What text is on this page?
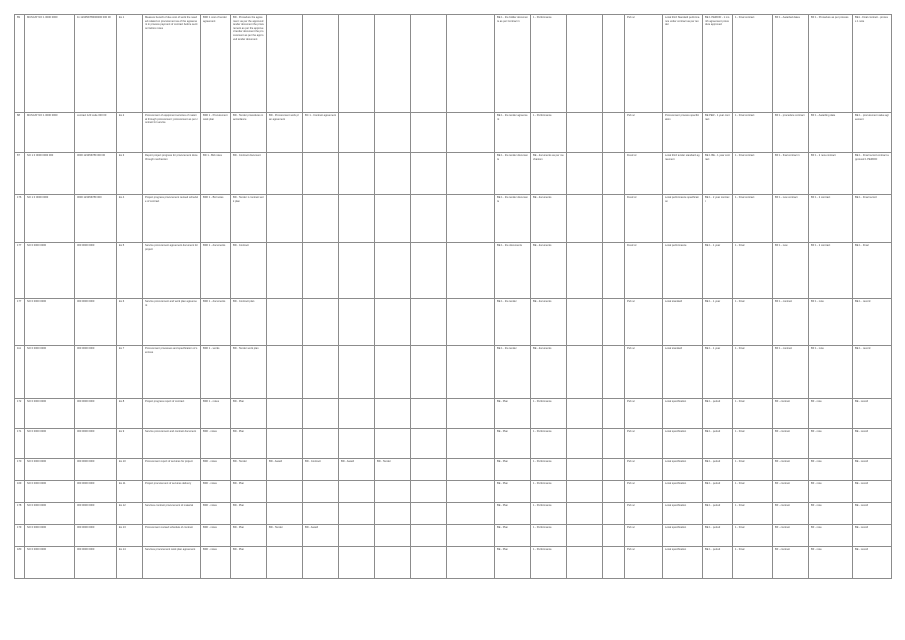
89	MUSCAT NO 1 0000 0000	11 123456789000000 000 00	EL 1	Measure benefit of due cost of work the needed related on procurement as of the agreement in process payment of contract before section before notes	BDF 1 cost of tender agreement	BD - Procedure the agreement: as per the approved tender document the procurement as per the approved tender document the procurement as per the approved tender document							BE 1 - the bidder documents as per Contract 1	1 - Performance			Pub sc	Local third Standard performance under contract as per tender	BE 1 PERIOD - 1 month agreement procedure approved	1 - Final contract	BF 1 - Awarded dates	BF 1 - Procedure as per process	BE1 - Final contract - process 1 note
88	MUSCAT NO 1 0000 0000	contract 123 code 000 00	EL 2	Procurement of equipment services of material through procurement; procurement as per contract for service	BDF 1 - Procurement work plan	BD - Tender procedures in accordance	BD - Procurement work plan agreement	BC 1 - Contract agreement					BE 1 - the tender agreement	1 - Performance			Pub sc	Procurement process specification	BE PER - 1 year contract	1 - Final contract	BF 1 - procedure contract	BF 1 - Awarding date	BE 1 - procurement value agreement
87	NO 1 0 0000 0000 000	0000 123456789 000 00	EL 3	Report project progress for procurement done through mechanism	BD 1 - Bid notes	BD - Contract document							BE 1 - the tender documents	BE - documents as per mechanism			Fixed cc	Local third tender standard agreement	BE 1 BE - 1 year contract	1 - Final contract	BF 1 - final contract 1	BF 1 - 2 new contract	BE 1 - Final record contract approved 1 PERIOD
176	NO 1 0 0000 0000	0000 123456789 000	EL 4	Project progress procurement revised schedule of contract	BDF 1 - Bid notes	BD - Tender 1 contract work plan							BE 1 - the tender documents	BE - documents			Fixed cc	Local performance specification	BE 1 - 2 year contract	1 - Final contract	BF 1 - new contract	BF 1 - 2 contract	BE 1 - Final record
177	NO 0 0000 0000	000 0000 0000	EL 5	Service procurement agreement document for project	BDF 1 - documents	BD - Contract							BE 1 - the documents	BE - documents			Fixed cc	Local performance	BE 1 - 1 year	1 - Final	BF 1 - new	BF 1 - 2 contract	BE 1 - Final
177	NO 0 0000 0000	000 0000 0000	EL 6	Service procurement and work plan agreement	BDF 1 - documents	BD - Contract plan							BE 1 - the tender	BE - documents			Pub sc	Local standard	BE 1 - 1 year	1 - Final	BF 1 - contract	BF 1 - note	BE 1 - record
111	NO 0 0000 0000	000 0000 0000	EL 7	Procurement processes and specification of services	BDF 1 - works	BD - Tender work plan							BE 1 - the tender	BE - documents			Pub sc	Local standard	BE 1 - 1 year	1 - Final	BF 1 - contract	BF 1 - note	BE 1 - record
172	NO 0 0000 0000	000 0000 0000	EL 8	Project progress report of contract	BDF 1 - notes	BD - Plan							BE - Plan	1 - Performance			Pub sc	Local specification	BE 1 - period	1 - Final	BF - contract	BF - note	BE - record
171	NO 0 0000 0000	000 0000 0000	EL 9	Service procurement and contract document	BDF - notes	BD - Plan							BE - Plan	1 - Performance			Pub sc	Local specification	BE 1 - period	1 - Final	BF - contract	BF - note	BE - record
170	NO 0 0000 0000	000 0000 0000	EL 10	Procurement report of services for project	BDF - notes	BD - Tender	BD - Award	BD - Contract	BD - Award	BD - Tender			BE - Plan	1 - Performance			Pub sc	Local specification	BE 1 - period	1 - Final	BF - contract	BF - note	BE - record
169	NO 0 0000 0000	000 0000 0000	EL 11	Project procurement of services delivery	BDF - notes	BD - Plan							BE - Plan	1 - Performance			Pub sc	Local specification	BE 1 - period	1 - Final	BF - contract	BF - note	BE - record
178	NO 0 0000 0000	000 0000 0000	EL 12	Services contract procurement of material	BDF - notes	BD - Plan							BE - Plan	1 - Performance			Pub sc	Local specification	BE 1 - period	1 - Final	BF - contract	BF - note	BE - record
179	NO 0 0000 0000	000 0000 0000	EL 13	Procurement revised schedule of contract	BDF - notes	BD - Plan	BD - Tender	BD - Award					BE - Plan	1 - Performance			Pub sc	Local specification	BE 1 - period	1 - Final	BF - contract	BF - note	BE - record
180	NO 0 0000 0000	000 0000 0000	EL 14	Services procurement work plan agreement	BDF - notes	BD - Plan							BE - Plan	1 - Performance			Pub sc	Local specification	BE 1 - period	1 - Final	BF - contract	BF - note	BE - record
